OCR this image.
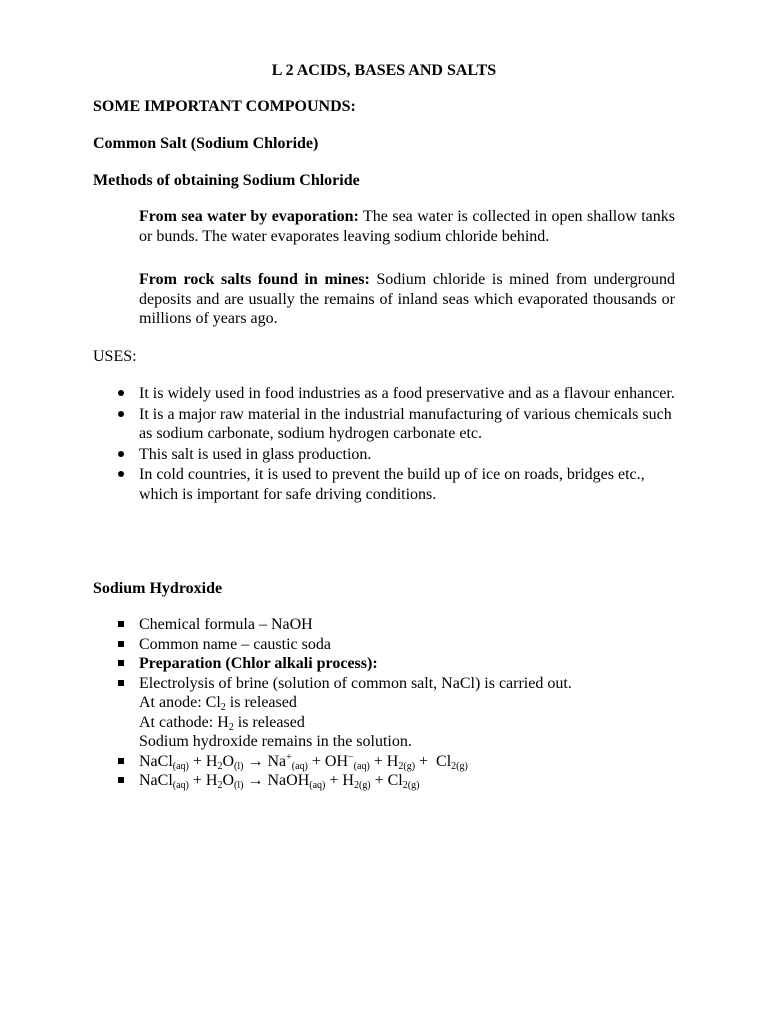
L 2 ACIDS, BASES AND SALTS
SOME IMPORTANT COMPOUNDS:
Common Salt (Sodium Chloride)
Methods of obtaining Sodium Chloride
From sea water by evaporation: The sea water is collected in open shallow tanks or bunds. The water evaporates leaving sodium chloride behind.
From rock salts found in mines: Sodium chloride is mined from underground deposits and are usually the remains of inland seas which evaporated thousands or millions of years ago.
USES:
It is widely used in food industries as a food preservative and as a flavour enhancer.
It is a major raw material in the industrial manufacturing of various chemicals such as sodium carbonate, sodium hydrogen carbonate etc.
This salt is used in glass production.
In cold countries, it is used to prevent the build up of ice on roads, bridges etc., which is important for safe driving conditions.
Sodium Hydroxide
Chemical formula – NaOH
Common name – caustic soda
Preparation (Chlor alkali process):
Electrolysis of brine (solution of common salt, NaCl) is carried out.
At anode: $Cl_2$ is released
At cathode: $H_2$ is released
Sodium hydroxide remains in the solution.
NaCl$_{(aq)}$ + $H_2O_{(l)} \to Na^+_{(aq)} + OH^-_{(aq)} + H_{2(g)} + Cl_{2(g)}$
NaCl$_{(aq)}$ + $H_2O_{(l)}$ → NaOH$_{(aq)}$ + $H_{2(g)} + Cl_{2(g)}$
